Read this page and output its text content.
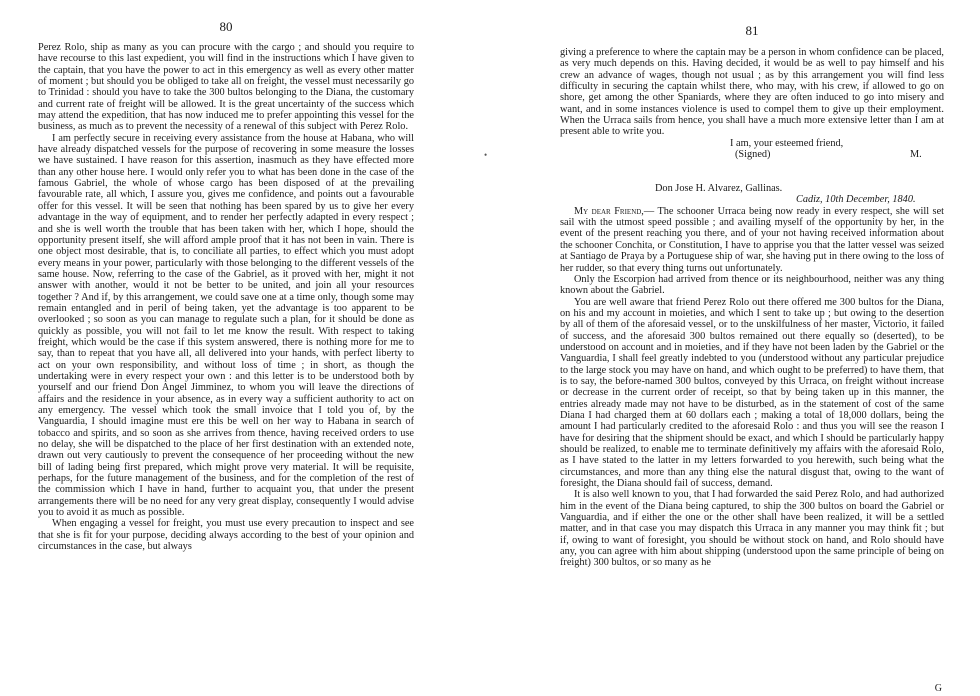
80

Perez Rolo, ship as many as you can procure with the cargo ; and should you require to have recourse to this last expedient, you will find in the instructions which I have given to the captain, that you have the power to act in this emergency as well as every other matter of moment ; but should you be obliged to take all on freight, the vessel must necessarily go to Trinidad : should you have to take the 300 bultos belonging to the Diana, the customary and current rate of freight will be allowed. It is the great uncertainty of the success which may attend the expedition, that has now induced me to prefer appointing this vessel for the business, as much as to prevent the necessity of a renewal of this subject with Perez Rolo.

I am perfectly secure in receiving every assistance from the house at Habana, who will have already dispatched vessels for the purpose of recovering in some measure the losses we have sustained. I have reason for this assertion, inasmuch as they have effected more than any other house here. I would only refer you to what has been done in the case of the famous Gabriel, the whole of whose cargo has been disposed of at the prevailing favourable rate, all which, I assure you, gives me confidence, and points out a favourable offer for this vessel. It will be seen that nothing has been spared by us to give her every advantage in the way of equipment, and to render her perfectly adapted in every respect ; and she is well worth the trouble that has been taken with her, which I hope, should the opportunity present itself, she will afford ample proof that it has not been in vain. There is one object most desirable, that is, to conciliate all parties, to effect which you must adopt every means in your power, particularly with those belonging to the different vessels of the same house. Now, referring to the case of the Gabriel, as it proved with her, might it not answer with another, would it not be better to be united, and join all your resources together ? And if, by this arrangement, we could save one at a time only, though some may remain entangled and in peril of being taken, yet the advantage is too apparent to be overlooked ; so soon as you can manage to regulate such a plan, for it should be done as quickly as possible, you will not fail to let me know the result. With respect to taking freight, which would be the case if this system answered, there is nothing more for me to say, than to repeat that you have all, all delivered into your hands, with perfect liberty to act on your own responsibility, and without loss of time ; in short, as though the undertaking were in every respect your own : and this letter is to be understood both by yourself and our friend Don Angel Jimminez, to whom you will leave the directions of affairs and the residence in your absence, as in every way a sufficient authority to act on any emergency. The vessel which took the small invoice that I told you of, by the Vanguardia, I should imagine must ere this be well on her way to Habana in search of tobacco and spirits, and so soon as she arrives from thence, having received orders to use no delay, she will be dispatched to the place of her first destination with an extended note, drawn out very cautiously to prevent the consequence of her proceeding without the new bill of lading being first prepared, which might prove very material. It will be requisite, perhaps, for the future management of the business, and for the completion of the rest of the commission which I have in hand, further to acquaint you, that under the present arrangements there will be no need for any very great display, consequently I would advise you to avoid it as much as possible.

When engaging a vessel for freight, you must use every precaution to inspect and see that she is fit for your purpose, deciding always according to the best of your opinion and circumstances in the case, but always

•
81

giving a preference to where the captain may be a person in whom confidence can be placed, as very much depends on this. Having decided, it would be as well to pay himself and his crew an advance of wages, though not usual ; as by this arrangement you will find less difficulty in securing the captain whilst there, who may, with his crew, if allowed to go on shore, get among the other Spaniards, where they are often induced to go into misery and want, and in some instances violence is used to compel them to give up their employment. When the Urraca sails from hence, you shall have a much more extensive letter than I am at present able to write you.

I am, your esteemed friend,

(Signed)	M.

Don Jose H. Alvarez, Gallinas.

Cadiz, 10th December, 1840.

My dear Friend,— The schooner Urraca being now ready in every respect, she will set sail with the utmost speed possible ; and availing myself of the opportunity by her, in the event of the present reaching you there, and of your not having received information about the schooner Conchita, or Constitution, I have to apprise you that the latter vessel was seized at Santiago de Praya by a Portuguese ship of war, she having put in there owing to the loss of her rudder, so that every thing turns out unfortunately.

Only the Escorpion had arrived from thence or its neighbourhood, neither was any thing known about the Gabriel.

You are well aware that friend Perez Rolo out there offered me 300 bultos for the Diana, on his and my account in moieties, and which I sent to take up ; but owing to the desertion by all of them of the aforesaid vessel, or to the unskilfulness of her master, Victorio, it failed of success, and the aforesaid 300 bultos remained out there equally so (deserted), to be understood on account and in moieties, and if they have not been laden by the Gabriel or the Vanguardia, I shall feel greatly indebted to you (understood without any particular prejudice to the large stock you may have on hand, and which ought to be preferred) to have them, that is to say, the before-named 300 bultos, conveyed by this Urraca, on freight without increase or decrease in the current order of receipt, so that by being taken up in this manner, the entries already made may not have to be disturbed, as in the statement of cost of the same Diana I had charged them at 60 dollars each ; making a total of 18,000 dollars, being the amount I had particularly credited to the aforesaid Rolo : and thus you will see the reason I have for desiring that the shipment should be exact, and which I should be particularly happy should be realized, to enable me to terminate definitively my affairs with the aforesaid Rolo, as I have stated to the latter in my letters forwarded to you herewith, such being what the circumstances, and more than any thing else the natural disgust that, owing to the want of foresight, the Diana should fail of success, demand.

It is also well known to you, that I had forwarded the said Perez Rolo, and had authorized him in the event of the Diana being captured, to ship the 300 bultos on board the Gabriel or Vanguardia, and if either the one or the other shall have been realized, it will be a settled matter, and in that case you may dispatch this Urraca in any manner you may think fit ; but if, owing to want of foresight, you should be without stock on hand, and Rolo should have any, you can agree with him about shipping (understood upon the same principle of being on freight) 300 bultos, or so many as he

G
